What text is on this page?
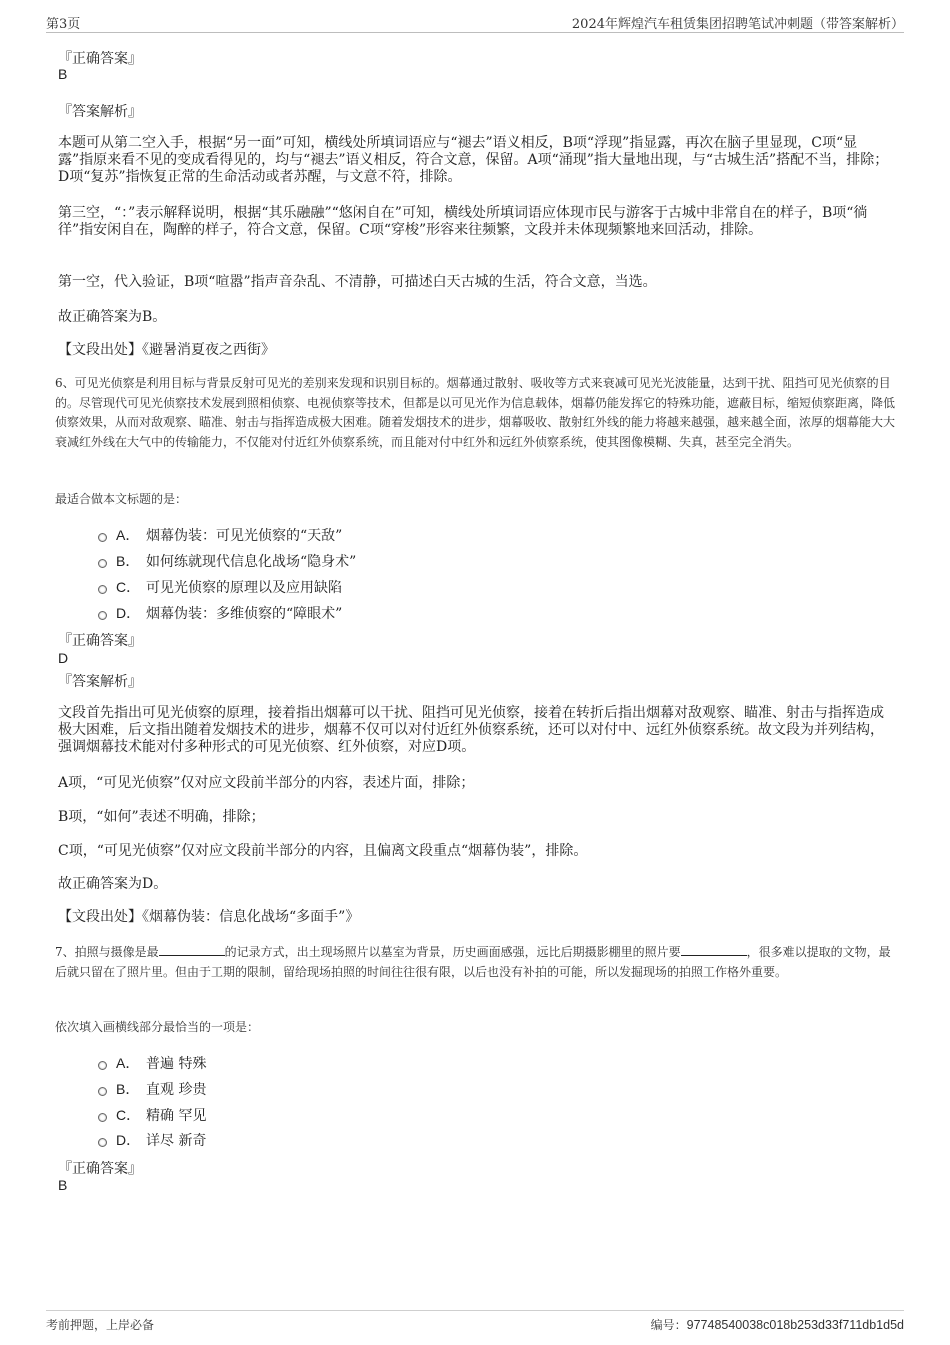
第3页	2024年辉煌汽车租赁集团招聘笔试冲刺题（带答案解析）
『正确答案』
B
『答案解析』
本题可从第二空入手，根据“另一面”可知，横线处所填词语应与“褪去”语义相反，B项“浮现”指显露，再次在脑子里显现，C项“显露”指原来看不见的变成看得见的，均与“褪去”语义相反，符合文意，保留。A项“涌现”指大量地出现，与“古城生活”搭配不当，排除；D项“复苏”指恢复正常的生命活动或者苏醒，与文意不符，排除。
第三空，“：”表示解释说明，根据“其乐融融”“悠闲自在”可知，横线处所填词语应体现市民与游客于古城中非常自在的样子，B项“徜徉”指安闲自在，陶醉的样子，符合文意，保留。C项“穿梭”形容来往频繁，文段并未体现频繁地来回活动，排除。
第一空，代入验证，B项“喧嚣”指声音杂乱、不清静，可描述白天古城的生活，符合文意，当选。
故正确答案为B。
【文段出处】《避暑消夏夜之西街》
6、可见光侦察是利用目标与背景反射可见光的差别来发现和识别目标的。烟幕通过散射、吸收等方式来衰减可见光光波能量，达到干扰、阻挡可见光侦察的目的。尽管现代可见光侦察技术发展到照相侦察、电视侦察等技术，但都是以可见光作为信息载体，烟幕仍能发挥它的特殊功能，遮蔽目标，缩短侦察距离，降低侦察效果，从而对敌观察、瞄准、射击与指挥造成极大困难。随着发烟技术的进步，烟幕吸收、散射红外线的能力将越来越强，越来越全面，浓厚的烟幕能大大衰减红外线在大气中的传输能力，不仅能对付近红外侦察系统，而且能对付中红外和远红外侦察系统，使其图像模糊、失真，甚至完全消失。
最适合做本文标题的是：
A． 烟幕伪装：可见光侦察的“天敌”
B． 如何练就现代信息化战场“隐身术”
C． 可见光侦察的原理以及应用缺陷
D． 烟幕伪装：多维侦察的“障眼术”
『正确答案』
D
『答案解析』
文段首先指出可见光侦察的原理，接着指出烟幕可以干扰、阻挡可见光侦察，接着在转折后指出烟幕对敌观察、瞄准、射击与指挥造成极大困难，后文指出随着发烟技术的进步，烟幕不仅可以对付近红外侦察系统，还可以对付中、远红外侦察系统。故文段为并列结构，强调烟幕技术能对付多种形式的可见光侦察、红外侦察，对应D项。
A项，“可见光侦察”仅对应文段前半部分的内容，表述片面，排除；
B项，“如何”表述不明确，排除；
C项，“可见光侦察”仅对应文段前半部分的内容，且偏离文段重点“烟幕伪装”，排除。
故正确答案为D。
【文段出处】《烟幕伪装：信息化战场“多面手”》
7、拍照与摄像是最	的记录方式，出土现场照片以墓室为背景，历史画面感强，远比后期摄影棚里的照片要	，很多难以提取的文物，最后就只留在了照片里。但由于工期的限制，留给现场拍照的时间往往很有限，以后也没有补拍的可能，所以发掘现场的拍照工作格外重要。
依次填入画横线部分最恰当的一项是：
A． 普遍 特殊
B． 直观 珍贵
C． 精确 罕见
D． 详尽 新奇
『正确答案』
B
考前押题，上岸必备	编号：97748540038c018b253d33f711db1d5d
